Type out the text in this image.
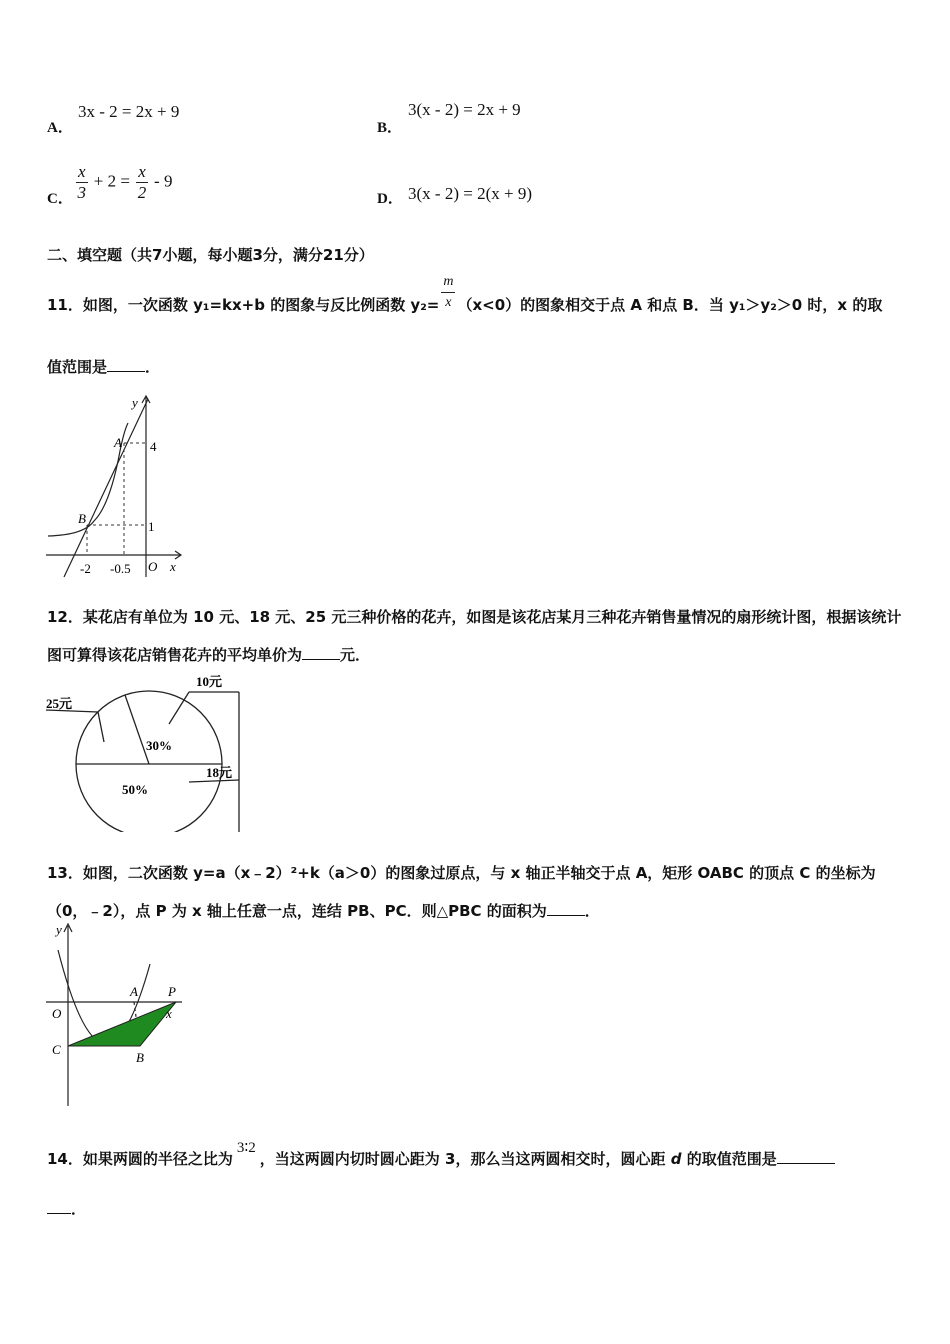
A．
3x - 2 = 2x + 9
B．
3(x - 2) = 2x + 9
C． $\frac{x}{3} + 2 = \frac{x}{2} - 9$
D． 3(x - 2) = 2(x + 9)
二、填空题（共7小题，每小题3分，满分21分）
11．如图，一次函数 y₁=kx+b 的图象与反比例函数 $y_2= \frac{m}{x} (x<0)$的图象相交于点 A 和点 B．当 y₁＞y₂＞0 时，x 的取
值范围是	．
y
x
O
A
B
4
1
-2 -0.5
12．某花店有单位为 10 元、18 元、25 元三种价格的花卉，如图是该花店某月三种花卉销售量情况的扇形统计图，根据该统计图可算得该花店销售花卉的平均单价为	元．
25元
10元
18元
30%
50%
13．如图，二次函数 y=a（x﹣2）²+k（a＞0）的图象过原点，与 x 轴正半轴交于点 A，矩形 OABC 的顶点 C 的坐标为（0，﹣2），点 P 为 x 轴上任意一点，连结 PB、PC．则△PBC 的面积为	．
y
x
O
A P
C
B
14．如果两圆的半径之比为3∶2，当这两圆内切时圆心距为 3，那么当这两圆相交时，圆心距 d 的取值范围是
．
